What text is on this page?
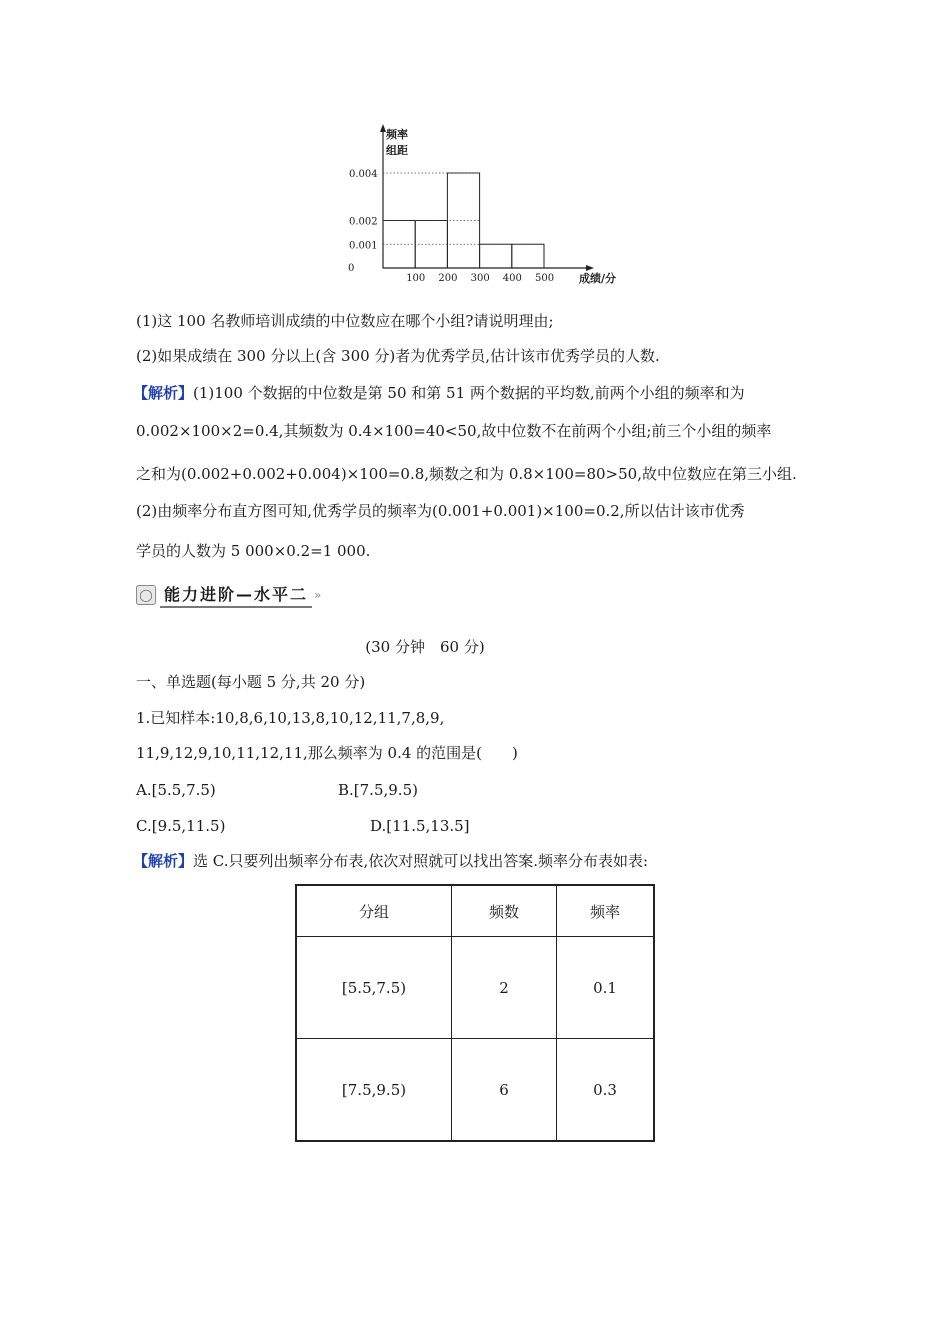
频率
组距
0
0.001
0.002
0.004
100 200 300 400 500 成绩/分
(1)这 100 名教师培训成绩的中位数应在哪个小组?请说明理由;
(2)如果成绩在 300 分以上(含 300 分)者为优秀学员,估计该市优秀学员的人数.
【解析】(1)100 个数据的中位数是第 50 和第 51 两个数据的平均数,前两个小组的频率和为
0.002×100×2=0.4,其频数为 0.4×100=40<50,故中位数不在前两个小组;前三个小组的频率
之和为(0.002+0.002+0.004)×100=0.8,频数之和为 0.8×100=80>50,故中位数应在第三小组.
(2)由频率分布直方图可知,优秀学员的频率为(0.001+0.001)×100=0.2,所以估计该市优秀
学员的人数为 5 000×0.2=1 000.
◯ 能力进阶—水平二 »
(30 分钟　60 分)
一、单选题(每小题 5 分,共 20 分)
1.已知样本:10,8,6,10,13,8,10,12,11,7,8,9,
11,9,12,9,10,11,12,11,那么频率为 0.4 的范围是(　　)
A.[5.5,7.5)	B.[7.5,9.5)
C.[9.5,11.5)	D.[11.5,13.5]
【解析】选 C.只要列出频率分布表,依次对照就可以找出答案.频率分布表如表:
分组	频数	频率
[5.5,7.5)	2	0.1
[7.5,9.5)	6	0.3
